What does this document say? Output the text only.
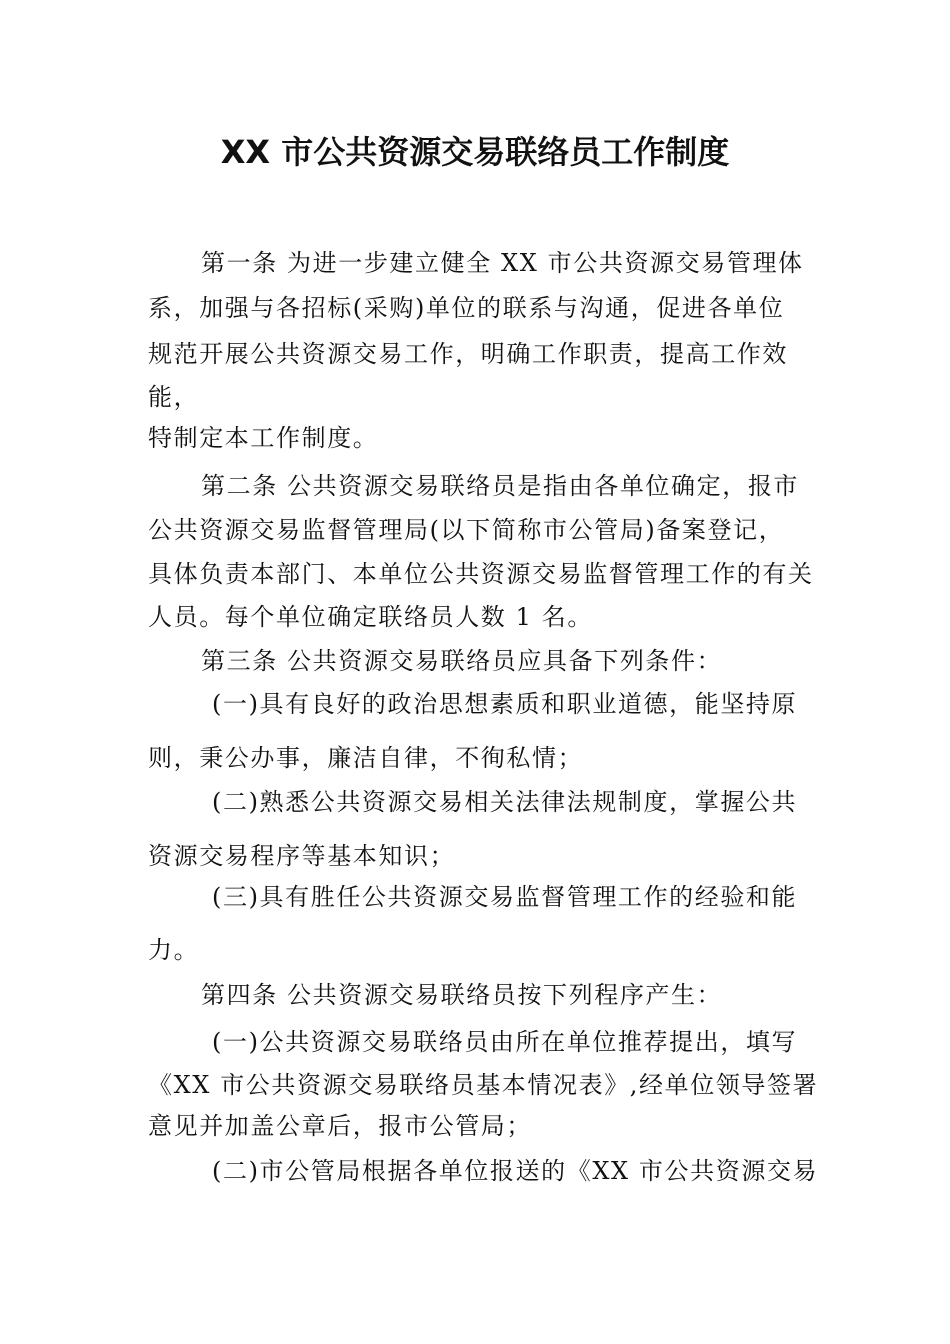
XX 市公共资源交易联络员工作制度
第一条 为进一步建立健全 XX 市公共资源交易管理体
系，加强与各招标(采购)单位的联系与沟通，促进各单位
规范开展公共资源交易工作，明确工作职责，提高工作效
能，
特制定本工作制度。
第二条 公共资源交易联络员是指由各单位确定，报市
公共资源交易监督管理局(以下简称市公管局)备案登记，
具体负责本部门、本单位公共资源交易监督管理工作的有关
人员。每个单位确定联络员人数 1 名。
第三条 公共资源交易联络员应具备下列条件：
(一)具有良好的政治思想素质和职业道德，能坚持原
则，秉公办事，廉洁自律，不徇私情；
(二)熟悉公共资源交易相关法律法规制度，掌握公共
资源交易程序等基本知识；
(三)具有胜任公共资源交易监督管理工作的经验和能
力。
第四条 公共资源交易联络员按下列程序产生：
(一)公共资源交易联络员由所在单位推荐提出，填写
《XX 市公共资源交易联络员基本情况表》,经单位领导签署
意见并加盖公章后，报市公管局；
(二)市公管局根据各单位报送的《XX 市公共资源交易
